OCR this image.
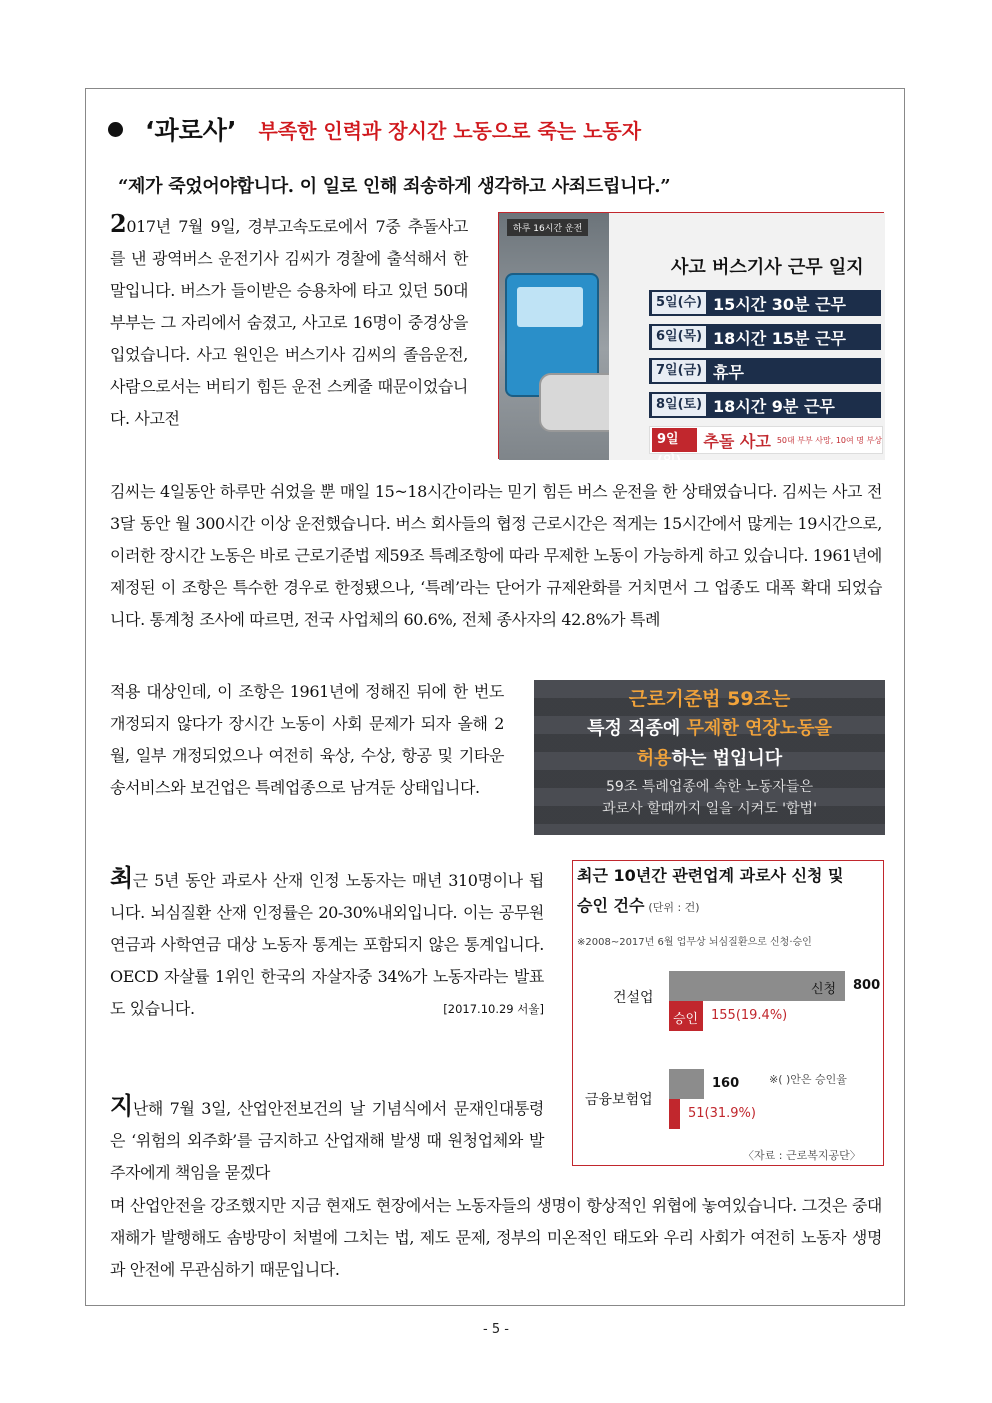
‘과로사’ 부족한 인력과 장시간 노동으로 죽는 노동자
“제가 죽었어야합니다. 이 일로 인해 죄송하게 생각하고 사죄드립니다.”

2017년 7월 9일, 경부고속도로에서 7중 추돌사고를 낸 광역버스 운전기사 김씨가 경찰에 출석해서 한 말입니다. 버스가 들이받은 승용차에 타고 있던 50대 부부는 그 자리에서 숨졌고, 사고로 16명이 중경상을 입었습니다. 사고 원인은 버스기사 김씨의 졸음운전, 사람으로서는 버티기 힘든 운전 스케줄 때문이었습니다. 사고전

하루 16시간 운전
사고 버스기사 근무 일지
5일(수) 15시간 30분 근무
6일(목) 18시간 15분 근무
7일(금) 휴무
8일(토) 18시간 9분 근무
9일(일)
추돌 사고 50대 부부 사망, 10여 명 부상

김씨는 4일동안 하루만 쉬었을 뿐 매일 15~18시간이라는 믿기 힘든 버스 운전을 한 상태였습니다. 김씨는 사고 전 3달 동안 월 300시간 이상 운전했습니다. 버스 회사들의 협정 근로시간은 적게는 15시간에서 많게는 19시간으로, 이러한 장시간 노동은 바로 근로기준법 제59조 특례조항에 따라 무제한 노동이 가능하게 하고 있습니다. 1961년에 제정된 이 조항은 특수한 경우로 한정됐으나, ‘특례’라는 단어가 규제완화를 거치면서 그 업종도 대폭 확대 되었습니다. 통계청 조사에 따르면, 전국 사업체의 60.6%, 전체 종사자의 42.8%가 특례

적용 대상인데, 이 조항은 1961년에 정해진 뒤에 한 번도 개정되지 않다가 장시간 노동이 사회 문제가 되자 올해 2월, 일부 개정되었으나 여전히 육상, 수상, 항공 및 기타운송서비스와 보건업은 특례업종으로 남겨둔 상태입니다.

근로기준법 59조는
특정 직종에 무제한 연장노동을
허용하는 법입니다
59조 특례업종에 속한 노동자들은
과로사 할때까지 일을 시켜도 '합법'

최근 5년 동안 과로사 산재 인정 노동자는 매년 310명이나 됩니다. 뇌심질환 산재 인정률은 20-30%내외입니다. 이는 공무원 연금과 사학연금 대상 노동자 통계는 포함되지 않은 통계입니다. OECD 자살률 1위인 한국의 자살자중 34%가 노동자라는 발표도 있습니다.	[2017.10.29 서울]

최근 10년간 관련업계 과로사 신청 및
승인 건수 (단위 : 건)
※2008~2017년 6월 업무상 뇌심질환으로 신청·승인
건설업
금융보험업
800
155(19.4%)
신청
승인
160
51(31.9%)
※( )안은 승인율
〈자료 : 근로복지공단〉

지난해 7월 3일, 산업안전보건의 날 기념식에서 문재인대통령은 ‘위험의 외주화’를 금지하고 산업재해 발생 때 원청업체와 발주자에게 책임을 묻겠다

며 산업안전을 강조했지만 지금 현재도 현장에서는 노동자들의 생명이 항상적인 위협에 놓여있습니다. 그것은 중대재해가 발행해도 솜방망이 처벌에 그치는 법, 제도 문제, 정부의 미온적인 태도와 우리 사회가 여전히 노동자 생명과 안전에 무관심하기 때문입니다.

- 5 -
